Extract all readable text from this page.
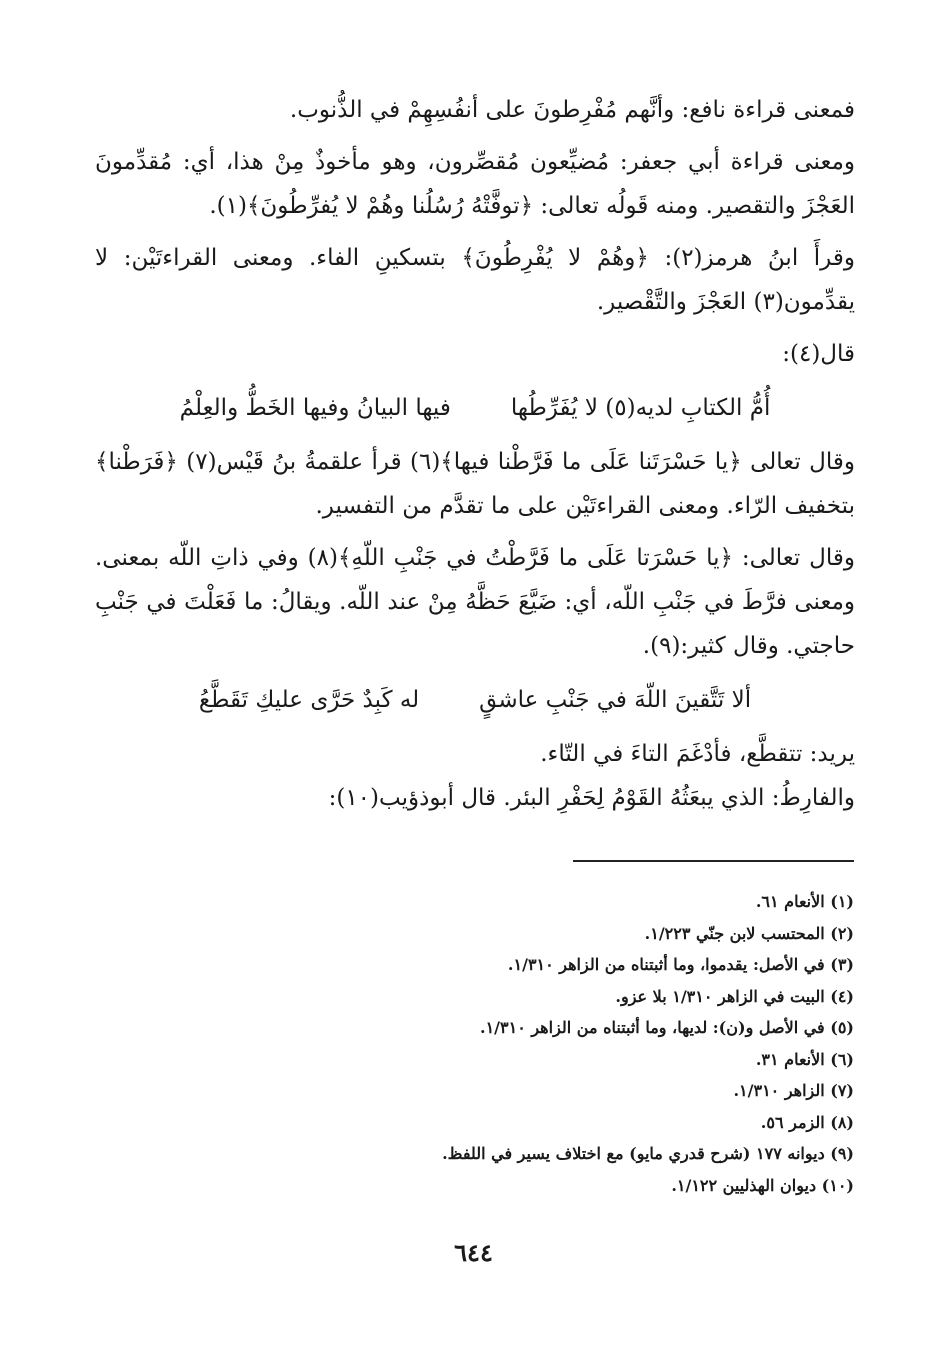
فمعنى قراءة نافع: وأنَّهم مُفْرِطونَ على أنفُسِهِمْ في الذُّنوب.

ومعنى قراءة أبي جعفر: مُضيِّعون مُقصِّرون، وهو مأخوذٌ مِنْ هذا، أي: مُقدِّمونَ العَجْزَ والتقصير. ومنه قَولُه تعالى: ﴿توفَّتْهُ رُسُلُنا وهُمْ لا يُفرِّطُونَ﴾(١).

وقرأَ ابنُ هرمز(٢): ﴿وهُمْ لا يُفْرِطُونَ﴾ بتسكينِ الفاء. ومعنى القراءتَيْن: لا يقدِّمون(٣) العَجْزَ والتَّقْصير.

قال(٤):

أُمُّ الكتابِ لديه(٥) لا يُفَرِّطُها
فيها البيانُ وفيها الخَطُّ والعِلْمُ

وقال تعالى ﴿يا حَسْرَتَنا عَلَى ما فَرَّطْنا فيها﴾(٦) قرأ علقمةُ بنُ قَيْس(٧) ﴿فَرَطْنا﴾ بتخفيف الرّاء. ومعنى القراءتَيْن على ما تقدَّم من التفسير.

وقال تعالى: ﴿يا حَسْرَتا عَلَى ما فَرَّطْتُ في جَنْبِ اللّهِ﴾(٨) وفي ذاتِ اللّه بمعنى. ومعنى فرَّطَ في جَنْبِ اللّه، أي: ضَيَّعَ حَظَّهُ مِنْ عند اللّه. ويقالُ: ما فَعَلْتَ في جَنْبِ حاجتي. وقال كثير:(٩).

ألا تَتَّقينَ اللّهَ في جَنْبِ عاشقٍ
له كَبِدٌ حَرَّى عليكِ تَقَطَّعُ

يريد: تتقطَّع، فأدْغَمَ التاءَ في التّاء.

والفارِطُ: الذي يبعَثُهُ القَوْمُ لِحَفْرِ البئر. قال أبوذؤيب(١٠):

(١) الأنعام ٦١.
(٢) المحتسب لابن جنّي ١/٢٢٣.
(٣) في الأصل: يقدموا، وما أثبتناه من الزاهر ١/٣١٠.
(٤) البيت في الزاهر ١/٣١٠ بلا عزو.
(٥) في الأصل و(ن): لديها، وما أثبتناه من الزاهر ١/٣١٠.
(٦) الأنعام ٣١.
(٧) الزاهر ١/٣١٠.
(٨) الزمر ٥٦.
(٩) ديوانه ١٧٧ (شرح قدري مايو) مع اختلاف يسير في اللفظ.
(١٠) ديوان الهذليين ١/١٢٢.
٦٤٤
